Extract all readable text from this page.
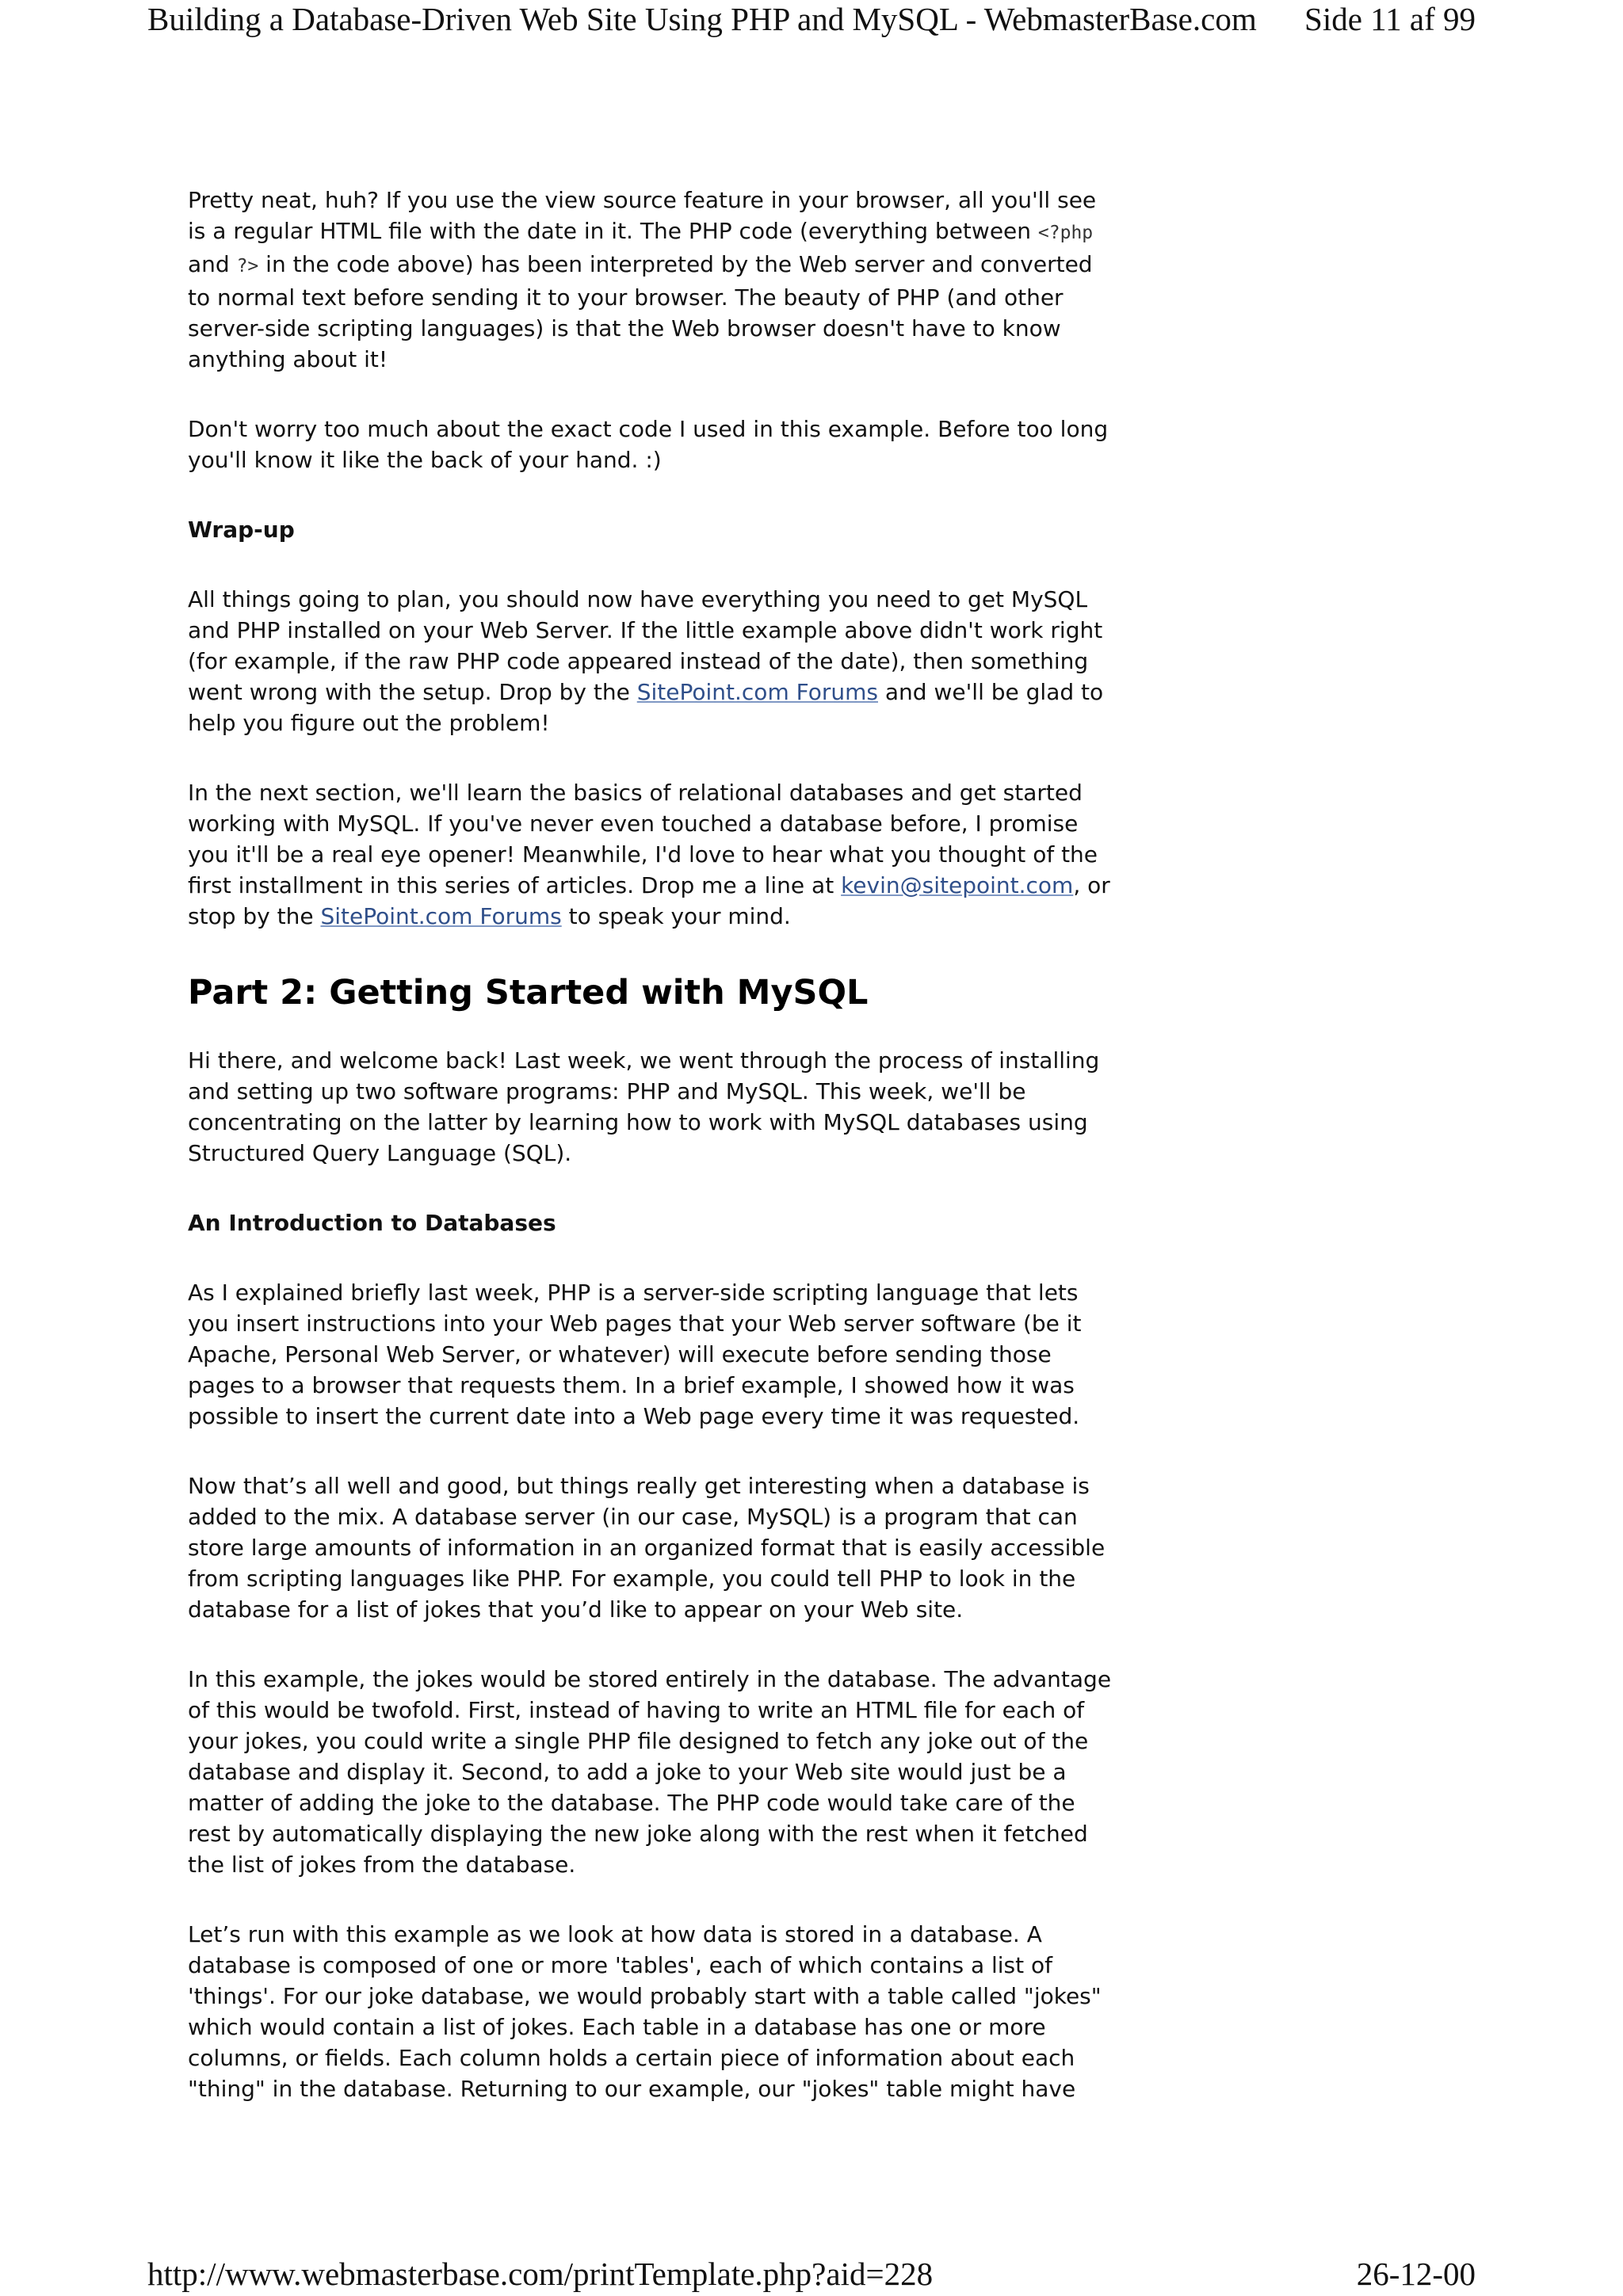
Building a Database-Driven Web Site Using PHP and MySQL - WebmasterBase.com Side 11 af 99

Pretty neat, huh? If you use the view source feature in your browser, all you'll see is a regular HTML file with the date in it. The PHP code (everything between <?php and ?> in the code above) has been interpreted by the Web server and converted to normal text before sending it to your browser. The beauty of PHP (and other server-side scripting languages) is that the Web browser doesn't have to know anything about it!

Don't worry too much about the exact code I used in this example. Before too long you'll know it like the back of your hand. :)

Wrap-up

All things going to plan, you should now have everything you need to get MySQL and PHP installed on your Web Server. If the little example above didn't work right (for example, if the raw PHP code appeared instead of the date), then something went wrong with the setup. Drop by the SitePoint.com Forums and we'll be glad to help you figure out the problem!

In the next section, we'll learn the basics of relational databases and get started working with MySQL. If you've never even touched a database before, I promise you it'll be a real eye opener! Meanwhile, I'd love to hear what you thought of the first installment in this series of articles. Drop me a line at kevin@sitepoint.com, or stop by the SitePoint.com Forums to speak your mind.

Part 2: Getting Started with MySQL

Hi there, and welcome back! Last week, we went through the process of installing and setting up two software programs: PHP and MySQL. This week, we'll be concentrating on the latter by learning how to work with MySQL databases using Structured Query Language (SQL).

An Introduction to Databases

As I explained briefly last week, PHP is a server-side scripting language that lets you insert instructions into your Web pages that your Web server software (be it Apache, Personal Web Server, or whatever) will execute before sending those pages to a browser that requests them. In a brief example, I showed how it was possible to insert the current date into a Web page every time it was requested.

Now that’s all well and good, but things really get interesting when a database is added to the mix. A database server (in our case, MySQL) is a program that can store large amounts of information in an organized format that is easily accessible from scripting languages like PHP. For example, you could tell PHP to look in the database for a list of jokes that you’d like to appear on your Web site.

In this example, the jokes would be stored entirely in the database. The advantage of this would be twofold. First, instead of having to write an HTML file for each of your jokes, you could write a single PHP file designed to fetch any joke out of the database and display it. Second, to add a joke to your Web site would just be a matter of adding the joke to the database. The PHP code would take care of the rest by automatically displaying the new joke along with the rest when it fetched the list of jokes from the database.

Let’s run with this example as we look at how data is stored in a database. A database is composed of one or more 'tables', each of which contains a list of 'things'. For our joke database, we would probably start with a table called "jokes" which would contain a list of jokes. Each table in a database has one or more columns, or fields. Each column holds a certain piece of information about each "thing" in the database. Returning to our example, our "jokes" table might have

http://www.webmasterbase.com/printTemplate.php?aid=228	26-12-00
